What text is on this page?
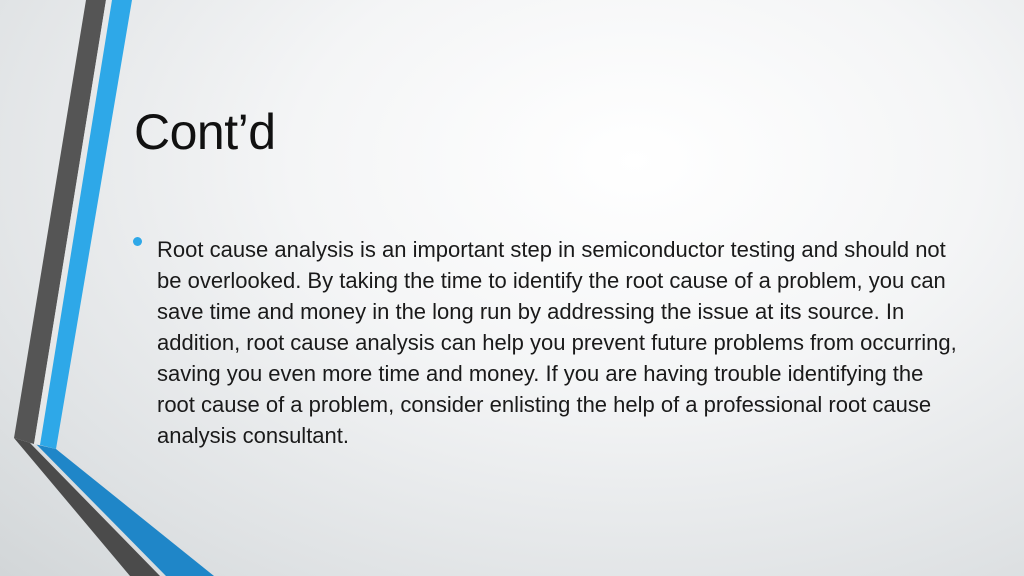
Cont’d
Root cause analysis is an important step in semiconductor testing and should not be overlooked. By taking the time to identify the root cause of a problem, you can save time and money in the long run by addressing the issue at its source. In addition, root cause analysis can help you prevent future problems from occurring, saving you even more time and money. If you are having trouble identifying the root cause of a problem, consider enlisting the help of a professional root cause analysis consultant.
